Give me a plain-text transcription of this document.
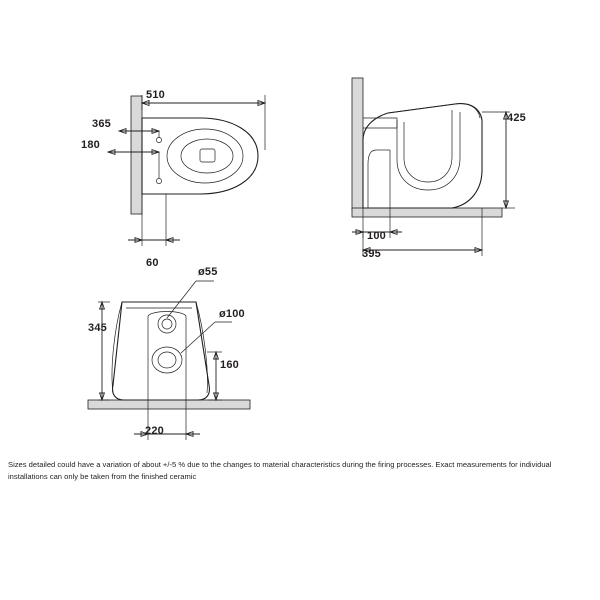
510
365
180
60
425
100
395
345
ø55
ø100
160
220
Sizes detailed could have a variation of about +/-5 % due to the changes to material characteristics during the firing processes. Exact measurements for individual installations can only be taken from the finished ceramic
